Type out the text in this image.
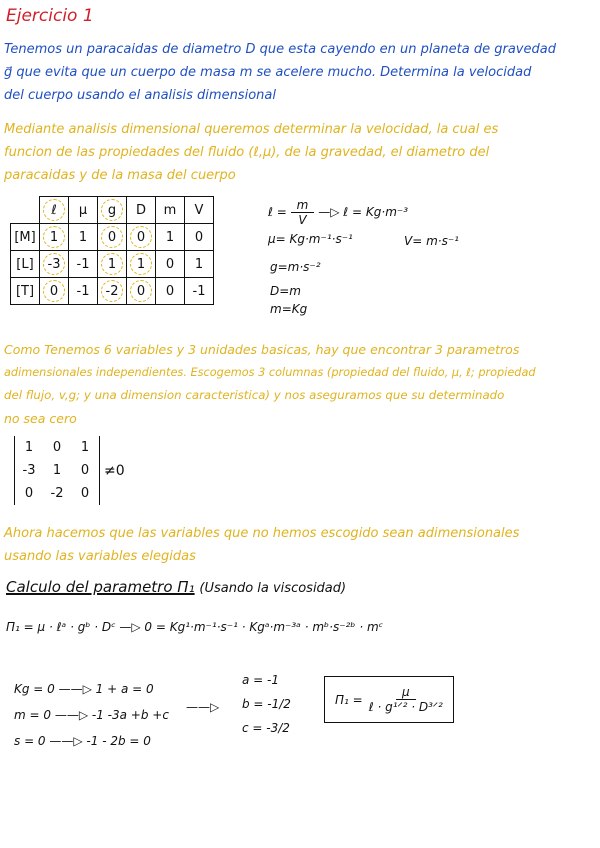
Ejercicio 1
Tenemos un paracaidas de diametro D que esta cayendo en un planeta de gravedad
g⃗ que evita que un cuerpo de masa m se acelere mucho. Determina la velocidad
del cuerpo usando el analisis dimensional
Mediante analisis dimensional queremos determinar la velocidad, la cual es
funcion de las propiedades del fluido (ℓ,μ), de la gravedad, el diametro del
paracaidas y de la masa del cuerpo
	ℓ	μ	g	D	m	V
[M]	1	1	0	0	1	0
[L]	-3	-1	1	1	0	1
[T]	0	-1	-2	0	0	-1
ℓ = $\frac{m}{V}$ —▷ ℓ = Kg·m⁻³
μ= Kg·m⁻¹·s⁻¹	V= m·s⁻¹
g=m·s⁻²
D=m
m=Kg
Como Tenemos 6 variables y 3 unidades basicas, hay que encontrar 3 parametros
adimensionales independientes. Escogemos 3 columnas (propiedad del fluido, μ, ℓ; propiedad
del flujo, v,g; y una dimension caracteristica) y nos aseguramos que su determinado
no sea cero
1	0	1
-3	1	0
0	-2	0
≠0
Ahora hacemos que las variables que no hemos escogido sean adimensionales
usando las variables elegidas
Calculo del parametro Π₁ (Usando la viscosidad)
Π₁ = μ · ℓᵃ · gᵇ · Dᶜ —▷ 0 = Kg¹·m⁻¹·s⁻¹ · Kgᵃ·m⁻³ᵃ · mᵇ·s⁻²ᵇ · mᶜ
Kg = 0 ——▷ 1 + a = 0
m = 0 ——▷ -1 -3a +b +c
s = 0 ——▷ -1 - 2b = 0
——▷
a = -1
b = -1/2
c = -3/2
$\Pi_1 = \frac{\mu}{\text{ℓ · g¹ᐟ² · D³ᐟ²}}$
